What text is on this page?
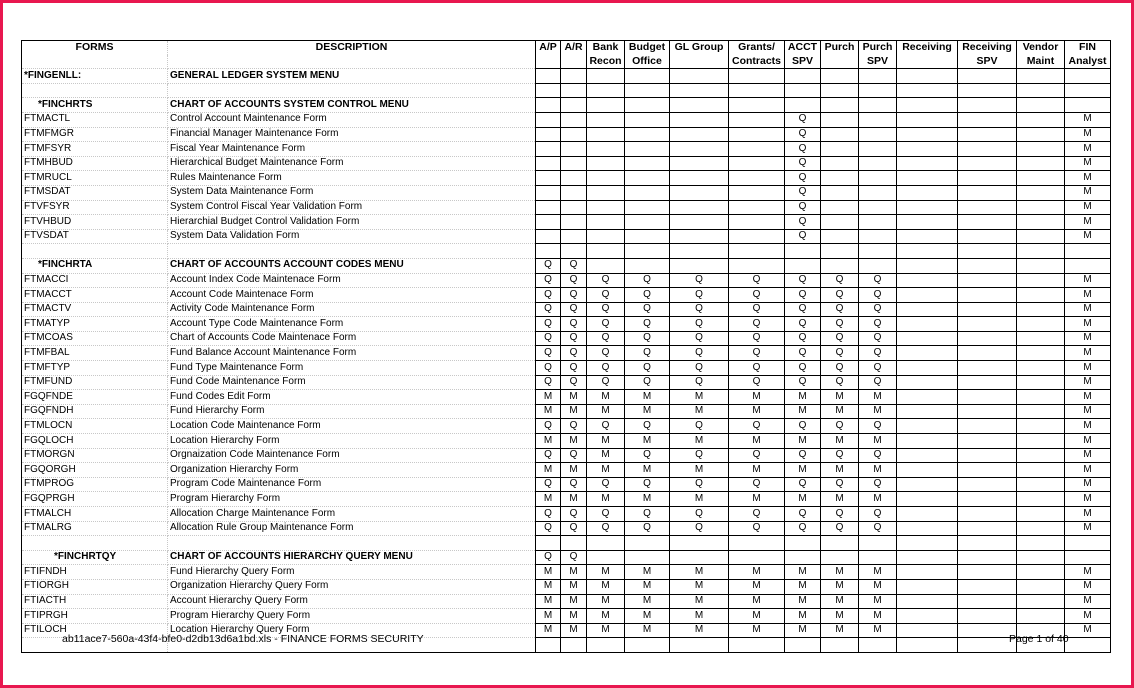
FORMS	DESCRIPTION	A/P	A/R	Bank	Budget	GL Group	Grants/	ACCT	Purch	Purch	Receiving	Receiving	Vendor	FIN
				Recon	Office		Contracts	SPV		SPV		SPV	Maint	Analyst
*FINGENLL:	GENERAL LEDGER SYSTEM MENU													

*FINCHRTS	CHART OF ACCOUNTS SYSTEM CONTROL MENU													
FTMACTL	Control Account Maintenance Form							Q						M
FTMFMGR	Financial Manager Maintenance Form							Q						M
FTMFSYR	Fiscal Year Maintenance Form							Q						M
FTMHBUD	Hierarchical Budget Maintenance Form							Q						M
FTMRUCL	Rules Maintenance Form							Q						M
FTMSDAT	System Data Maintenance Form							Q						M
FTVFSYR	System Control Fiscal Year Validation Form							Q						M
FTVHBUD	Hierarchial Budget Control Validation Form							Q						M
FTVSDAT	System Data Validation Form							Q						M

*FINCHRTA	CHART OF ACCOUNTS ACCOUNT CODES MENU	Q	Q											
FTMACCI	Account Index Code Maintenace Form	Q	Q	Q	Q	Q	Q	Q	Q	Q				M
FTMACCT	Account Code Maintenace Form	Q	Q	Q	Q	Q	Q	Q	Q	Q				M
FTMACTV	Activity Code Maintenance Form	Q	Q	Q	Q	Q	Q	Q	Q	Q				M
FTMATYP	Account Type Code Maintenance Form	Q	Q	Q	Q	Q	Q	Q	Q	Q				M
FTMCOAS	Chart of Accounts Code Maintenace Form	Q	Q	Q	Q	Q	Q	Q	Q	Q				M
FTMFBAL	Fund Balance Account Maintenance Form	Q	Q	Q	Q	Q	Q	Q	Q	Q				M
FTMFTYP	Fund Type Maintenance Form	Q	Q	Q	Q	Q	Q	Q	Q	Q				M
FTMFUND	Fund Code Maintenance Form	Q	Q	Q	Q	Q	Q	Q	Q	Q				M
FGQFNDE	Fund Codes Edit Form	M	M	M	M	M	M	M	M	M				M
FGQFNDH	Fund Hierarchy Form	M	M	M	M	M	M	M	M	M				M
FTMLOCN	Location Code Maintenance Form	Q	Q	Q	Q	Q	Q	Q	Q	Q				M
FGQLOCH	Location Hierarchy Form	M	M	M	M	M	M	M	M	M				M
FTMORGN	Orgnaization Code Maintenance Form	Q	Q	M	Q	Q	Q	Q	Q	Q				M
FGQORGH	Organization Hierarchy Form	M	M	M	M	M	M	M	M	M				M
FTMPROG	Program Code Maintenance Form	Q	Q	Q	Q	Q	Q	Q	Q	Q				M
FGQPRGH	Program Hierarchy Form	M	M	M	M	M	M	M	M	M				M
FTMALCH	Allocation Charge Maintenance Form	Q	Q	Q	Q	Q	Q	Q	Q	Q				M
FTMALRG	Allocation Rule Group Maintenance Form	Q	Q	Q	Q	Q	Q	Q	Q	Q				M

*FINCHRTQY	CHART OF ACCOUNTS HIERARCHY QUERY MENU	Q	Q											
FTIFNDH	Fund Hierarchy Query Form	M	M	M	M	M	M	M	M	M				M
FTIORGH	Organization Hierarchy Query Form	M	M	M	M	M	M	M	M	M				M
FTIACTH	Account Hierarchy Query Form	M	M	M	M	M	M	M	M	M				M
FTIPRGH	Program Hierarchy Query Form	M	M	M	M	M	M	M	M	M				M
FTILOCH	Location Hierarchy Query Form	M	M	M	M	M	M	M	M	M				M

ab11ace7-560a-43f4-bfe0-d2db13d6a1bd.xls - FINANCE FORMS SECURITY	Page 1 of 40
